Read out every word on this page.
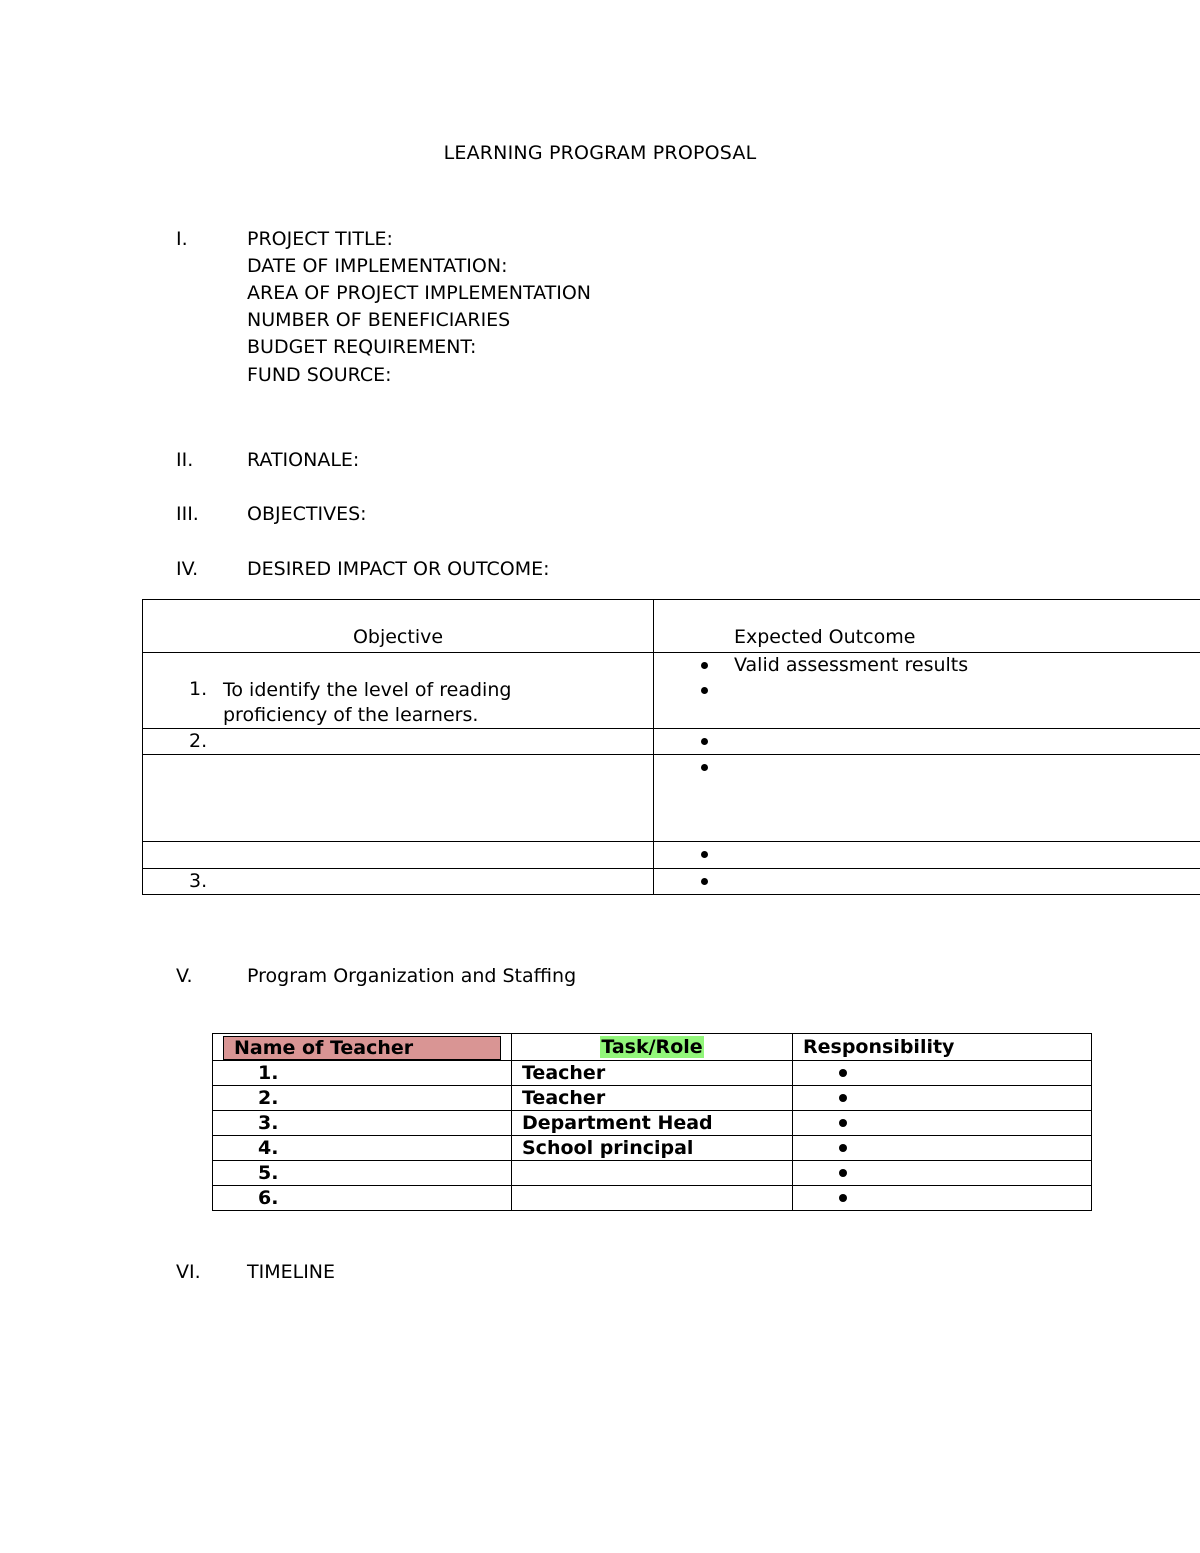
LEARNING PROGRAM PROPOSAL
I.	PROJECT TITLE:
DATE OF IMPLEMENTATION:
AREA OF PROJECT IMPLEMENTATION
NUMBER OF BENEFICIARIES
BUDGET REQUIREMENT:
FUND SOURCE:
II.	RATIONALE:
III.	OBJECTIVES:
IV.	DESIRED IMPACT OR OUTCOME:
Objective	Expected Outcome

1. To identify the level of reading
proficiency of the learners.	Valid assessment results

2.	

3.	

V.	Program Organization and Staffing
Name of Teacher	Task/Role	Responsibility
1.	Teacher	

2.	Teacher	

3.	Department Head	

4.	School principal	

5.		

6.		
VI. TIMELINE
